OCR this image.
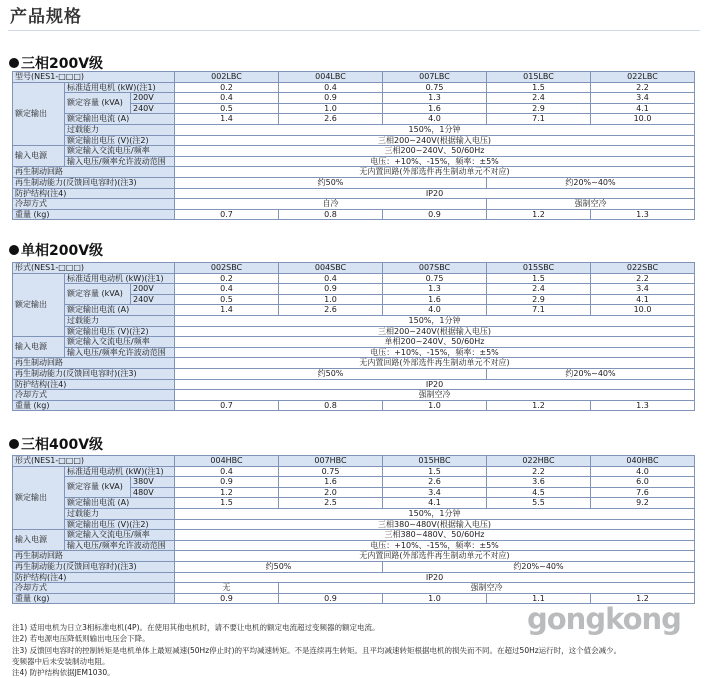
产品规格
三相200V级
型号(NES1-□□□)			002LBC	004LBC	007LBC	015LBC	022LBC
额定输出	标准适用电机 (kW)(注1)		0.2	0.4	0.75	1.5	2.2
	额定容量 (kVA)	200V	0.4	0.9	1.3	2.4	3.4
		240V	0.5	1.0	1.6	2.9	4.1
	额定输出电流 (A)		1.4	2.6	4.0	7.1	10.0
	过载能力		150%，1分钟				
	额定输出电压 (V)(注2)		三相200~240V(根据输入电压)				
输入电源	额定输入交流电压/频率		三相200~240V、50/60Hz				
	输入电压/频率允许波动范围		电压：+10%、-15%，频率：±5%				
再生制动回路			无内置回路(外部选件再生制动单元不对应)				
再生制动能力(反馈回电容时)(注3)			约50%			约20%~40%	
防护结构(注4)			IP20				
冷却方式			自冷			强制空冷	
重量 (kg)			0.7	0.8	0.9	1.2	1.3
单相200V级
形式(NES1-□□□)			002SBC	004SBC	007SBC	015SBC	022SBC
额定输出	标准适用电动机 (kW)(注1)		0.2	0.4	0.75	1.5	2.2
	额定容量 (kVA)	200V	0.4	0.9	1.3	2.4	3.4
		240V	0.5	1.0	1.6	2.9	4.1
	额定输出电流 (A)		1.4	2.6	4.0	7.1	10.0
	过载能力		150%，1分钟				
	额定输出电压 (V)(注2)		三相200~240V(根据输入电压)				
输入电源	额定输入交流电压/频率		单相200~240V、50/60Hz				
	输入电压/频率允许波动范围		电压：+10%、-15%，频率：±5%				
再生制动回路			无内置回路(外部选件再生制动单元不对应)				
再生制动能力(反馈回电容时)(注3)			约50%			约20%~40%	
防护结构(注4)			IP20				
冷却方式			强制空冷				
重量 (kg)			0.7	0.8	1.0	1.2	1.3
三相400V级
形式(NES1-□□□)			004HBC	007HBC	015HBC	022HBC	040HBC
额定输出	标准适用电动机 (kW)(注1)		0.4	0.75	1.5	2.2	4.0
	额定容量 (kVA)	380V	0.9	1.6	2.6	3.6	6.0
		480V	1.2	2.0	3.4	4.5	7.6
	额定输出电流 (A)		1.5	2.5	4.1	5.5	9.2
	过载能力		150%，1分钟				
	额定输出电压 (V)(注2)		三相380~480V(根据输入电压)				
输入电源	额定输入交流电压/频率		三相380~480V、50/60Hz				
	输入电压/频率允许波动范围		电压：+10%、-15%，频率：±5%				
再生制动回路			无内置回路(外部选件再生制动单元不对应)				
再生制动能力(反馈回电容时)(注3)			约50%		约20%~40%		
防护结构(注4)			IP20				
冷却方式			无	强制空冷			
重量 (kg)			0.9	0.9	1.0	1.1	1.2
注1) 适用电机为日立3相标准电机(4P)。在使用其他电机时，请不要让电机的额定电流超过变频器的额定电流。
注2) 若电源电压降低则输出电压会下降。
注3) 反馈回电容时的控制转矩是电机单体上最短减速(50Hz停止时)的平均减速转矩。不是连续再生转矩。且平均减速转矩根据电机的损失而不同。在超过50Hz运行时，这个值会减少。
变频器中后未安装制动电阻。
注4) 防护结构依据JEM1030。
gongkong
